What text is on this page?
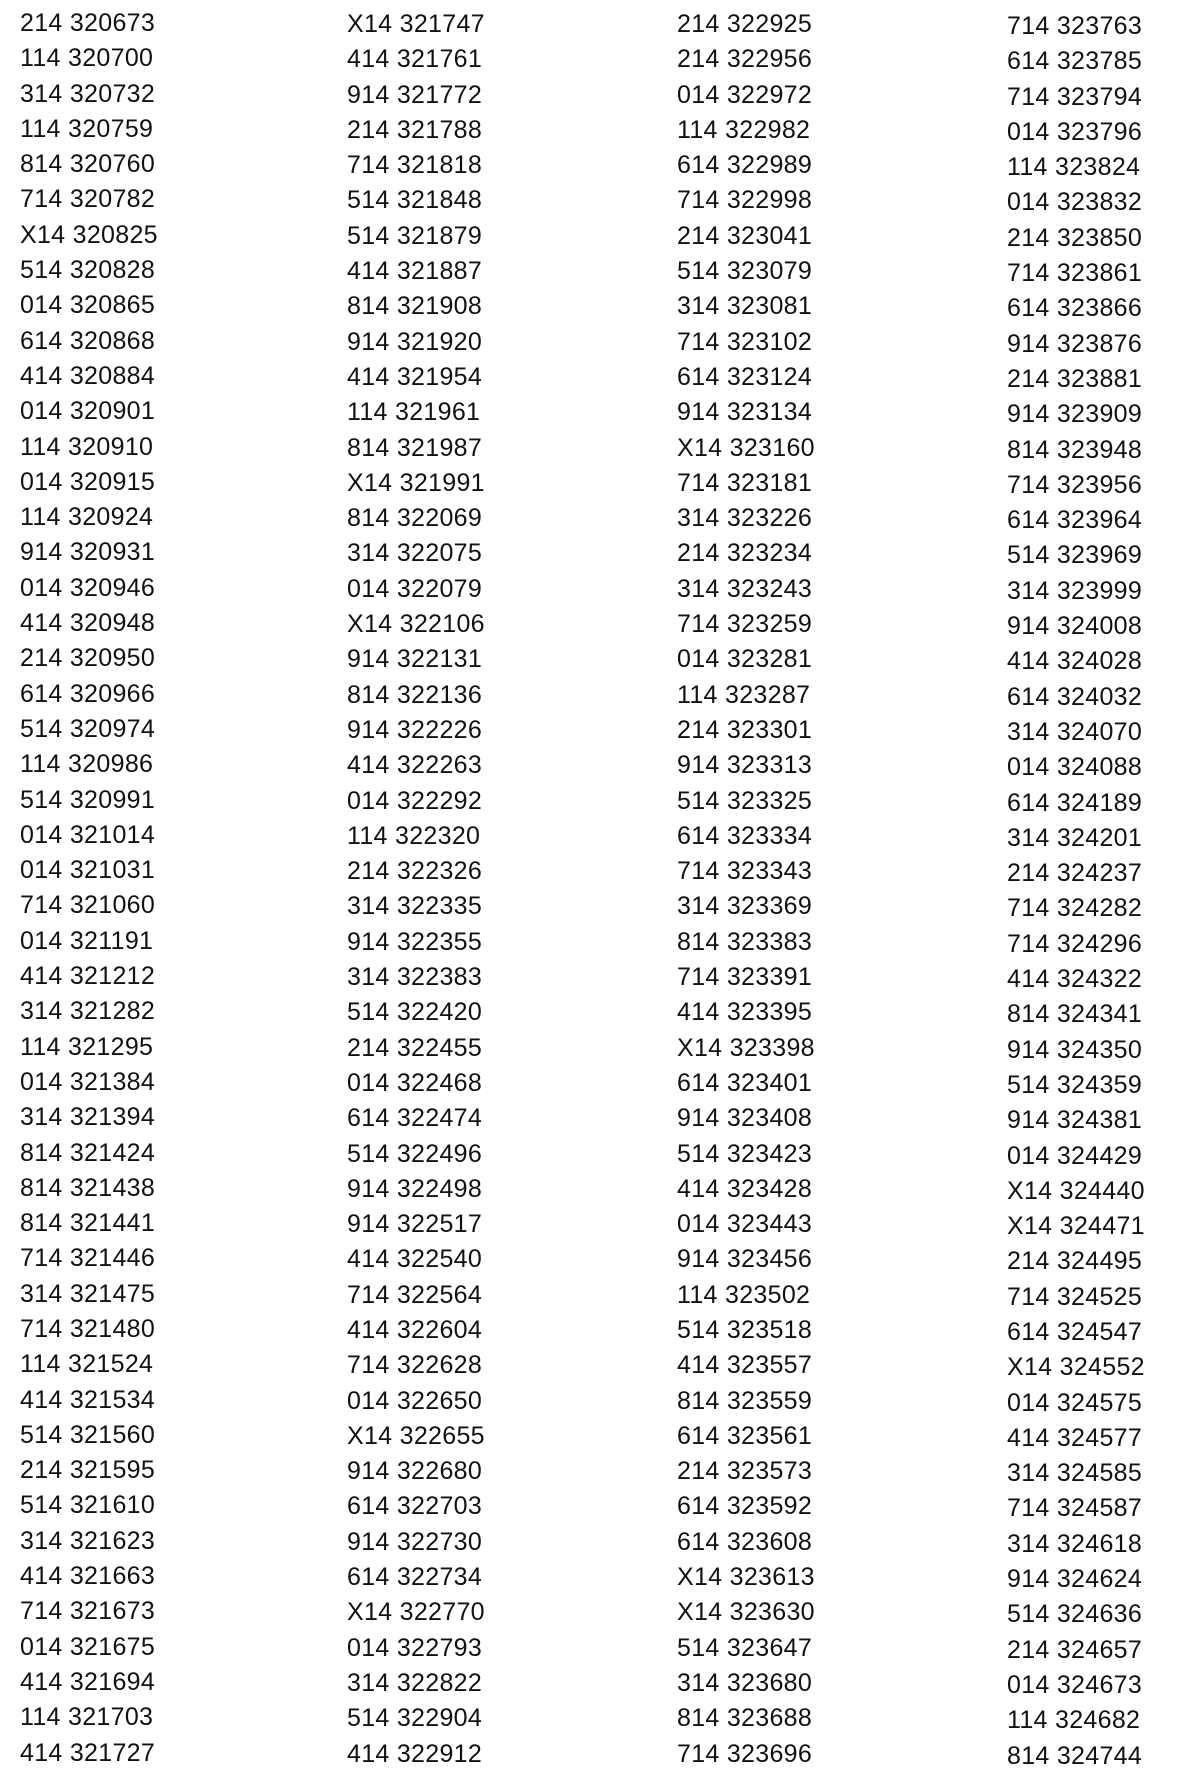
214 320673
114 320700
314 320732
114 320759
814 320760
714 320782
X14 320825
514 320828
014 320865
614 320868
414 320884
014 320901
114 320910
014 320915
114 320924
914 320931
014 320946
414 320948
214 320950
614 320966
514 320974
114 320986
514 320991
014 321014
014 321031
714 321060
014 321191
414 321212
314 321282
114 321295
014 321384
314 321394
814 321424
814 321438
814 321441
714 321446
314 321475
714 321480
114 321524
414 321534
514 321560
214 321595
514 321610
314 321623
414 321663
714 321673
014 321675
414 321694
114 321703
414 321727
X14 321747
414 321761
914 321772
214 321788
714 321818
514 321848
514 321879
414 321887
814 321908
914 321920
414 321954
114 321961
814 321987
X14 321991
814 322069
314 322075
014 322079
X14 322106
914 322131
814 322136
914 322226
414 322263
014 322292
114 322320
214 322326
314 322335
914 322355
314 322383
514 322420
214 322455
014 322468
614 322474
514 322496
914 322498
914 322517
414 322540
714 322564
414 322604
714 322628
014 322650
X14 322655
914 322680
614 322703
914 322730
614 322734
X14 322770
014 322793
314 322822
514 322904
414 322912
214 322925
214 322956
014 322972
114 322982
614 322989
714 322998
214 323041
514 323079
314 323081
714 323102
614 323124
914 323134
X14 323160
714 323181
314 323226
214 323234
314 323243
714 323259
014 323281
114 323287
214 323301
914 323313
514 323325
614 323334
714 323343
314 323369
814 323383
714 323391
414 323395
X14 323398
614 323401
914 323408
514 323423
414 323428
014 323443
914 323456
114 323502
514 323518
414 323557
814 323559
614 323561
214 323573
614 323592
614 323608
X14 323613
X14 323630
514 323647
314 323680
814 323688
714 323696
714 323763
614 323785
714 323794
014 323796
114 323824
014 323832
214 323850
714 323861
614 323866
914 323876
214 323881
914 323909
814 323948
714 323956
614 323964
514 323969
314 323999
914 324008
414 324028
614 324032
314 324070
014 324088
614 324189
314 324201
214 324237
714 324282
714 324296
414 324322
814 324341
914 324350
514 324359
914 324381
014 324429
X14 324440
X14 324471
214 324495
714 324525
614 324547
X14 324552
014 324575
414 324577
314 324585
714 324587
314 324618
914 324624
514 324636
214 324657
014 324673
114 324682
814 324744
